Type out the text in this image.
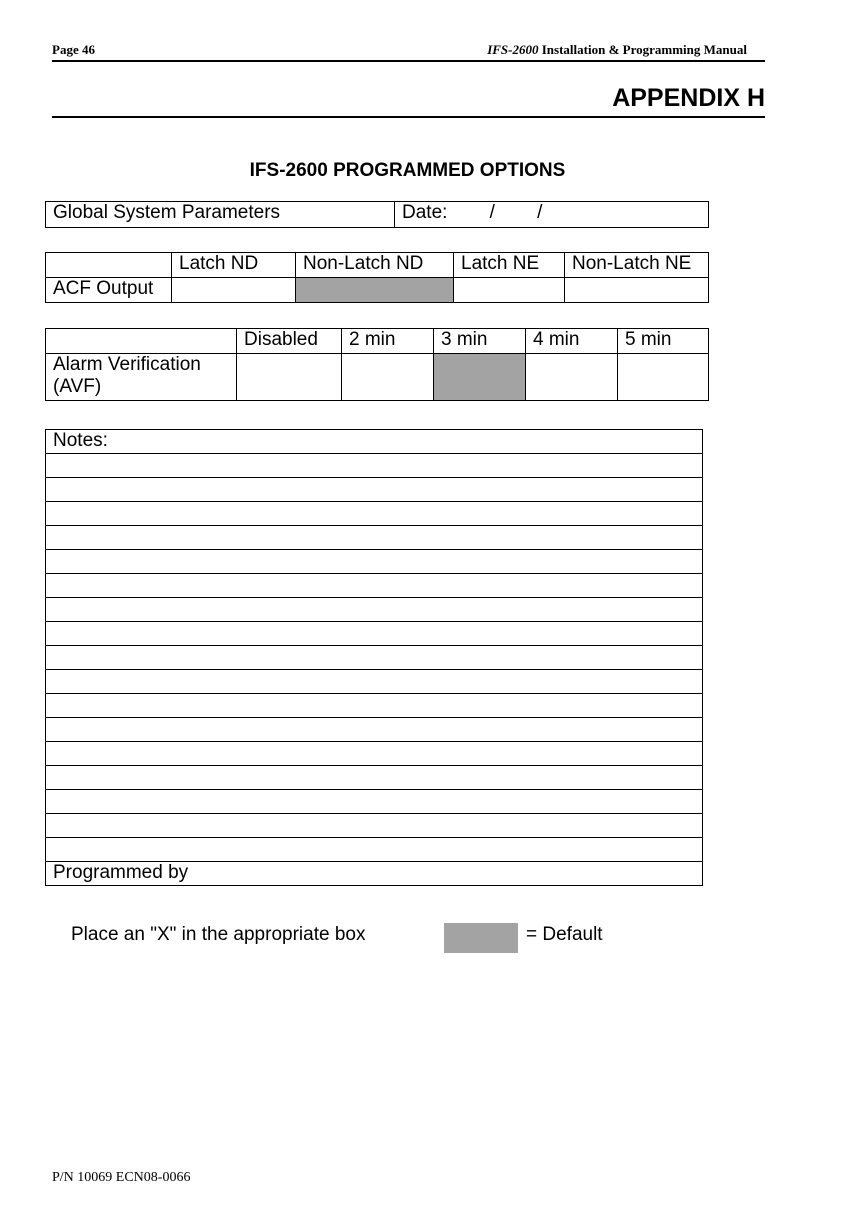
Page 46	IFS-2600 Installation & Programming Manual
APPENDIX H
IFS-2600 PROGRAMMED OPTIONS
Global System Parameters	Date:        /        /
	Latch ND	Non-Latch ND	Latch NE	Non-Latch NE
ACF Output				
	Disabled	2 min	3 min	4 min	5 min
Alarm Verification
(AVF)					
Notes:

Programmed by
Place an "X" in the appropriate box	= Default
P/N 10069 ECN08-0066
